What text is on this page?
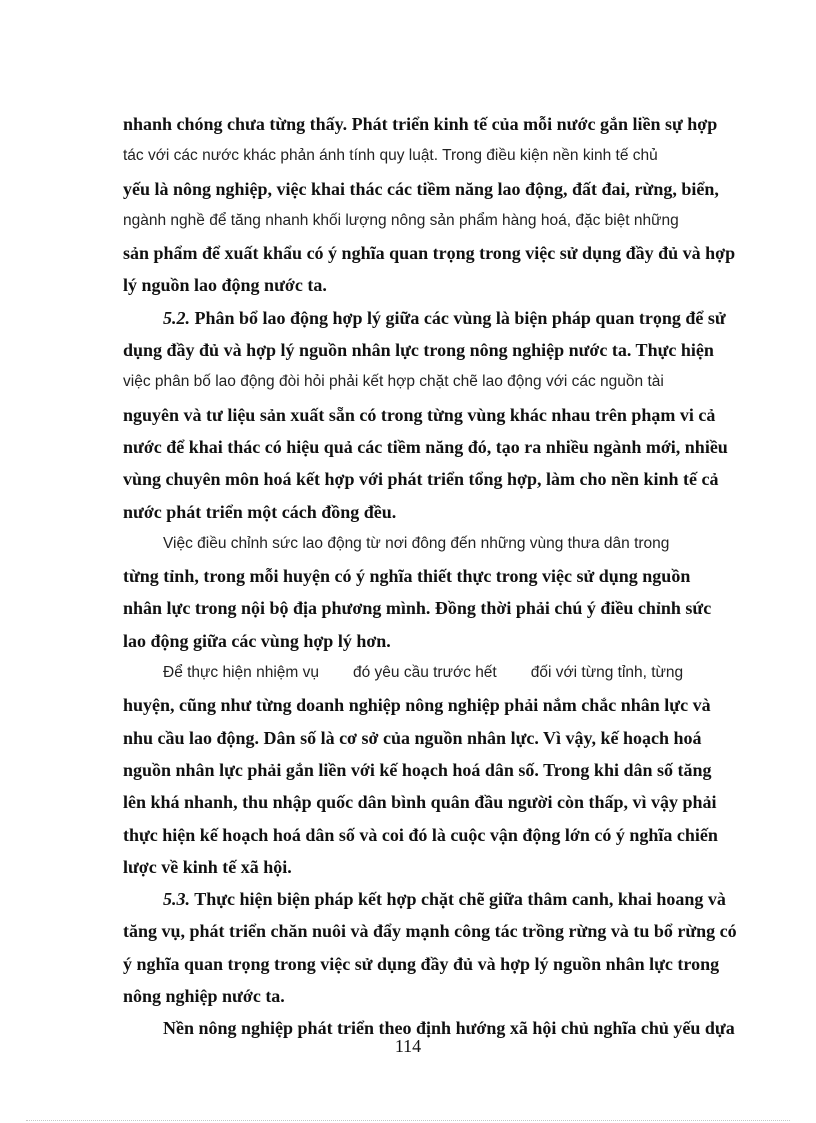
nhanh chóng chưa từng thấy. Phát triển kinh tế của mỗi nước gắn liền sự hợp
tác với các nước khác phản ánh tính quy luật. Trong điều kiện nền kinh tế chủ
yếu là nông nghiệp, việc khai thác các tiềm năng lao động, đất đai, rừng, biển,
ngành nghề để tăng nhanh khối lượng nông sản phẩm hàng hoá, đặc biệt những
sản phẩm để xuất khẩu có ý nghĩa quan trọng trong việc sử dụng đầy đủ và hợp
lý nguồn lao động nước ta.
5.2. Phân bổ lao động hợp lý giữa các vùng là biện pháp quan trọng để sử
dụng đầy đủ và hợp lý nguồn nhân lực trong nông nghiệp nước ta. Thực hiện
việc phân bố lao động đòi hỏi phải kết hợp chặt chẽ lao động với các nguồn tài
nguyên và tư liệu sản xuất sẵn có trong từng vùng khác nhau trên phạm vi cả
nước để khai thác có hiệu quả các tiềm năng đó, tạo ra nhiều ngành mới, nhiều
vùng chuyên môn hoá kết hợp với phát triển tổng hợp, làm cho nền kinh tế cả
nước phát triển một cách đồng đều.
Việc điều chỉnh sức lao động từ nơi đông đến những vùng thưa dân trong
từng tỉnh, trong mỗi huyện có ý nghĩa thiết thực trong việc sử dụng nguồn
nhân lực trong nội bộ địa phương mình. Đồng thời phải chú ý điều chỉnh sức
lao động giữa các vùng hợp lý hơn.
Để thực hiện nhiệm vụ đó yêu cầu trước hết đối với từng tỉnh, từng
huyện, cũng như từng doanh nghiệp nông nghiệp phải nắm chắc nhân lực và
nhu cầu lao động. Dân số là cơ sở của nguồn nhân lực. Vì vậy, kế hoạch hoá
nguồn nhân lực phải gắn liền với kế hoạch hoá dân số. Trong khi dân số tăng
lên khá nhanh, thu nhập quốc dân bình quân đầu người còn thấp, vì vậy phải
thực hiện kế hoạch hoá dân số và coi đó là cuộc vận động lớn có ý nghĩa chiến
lược về kinh tế xã hội.
5.3. Thực hiện biện pháp kết hợp chặt chẽ giữa thâm canh, khai hoang và
tăng vụ, phát triển chăn nuôi và đẩy mạnh công tác trồng rừng và tu bổ rừng có
ý nghĩa quan trọng trong việc sử dụng đầy đủ và hợp lý nguồn nhân lực trong
nông nghiệp nước ta.
Nền nông nghiệp phát triển theo định hướng xã hội chủ nghĩa chủ yếu dựa
114
